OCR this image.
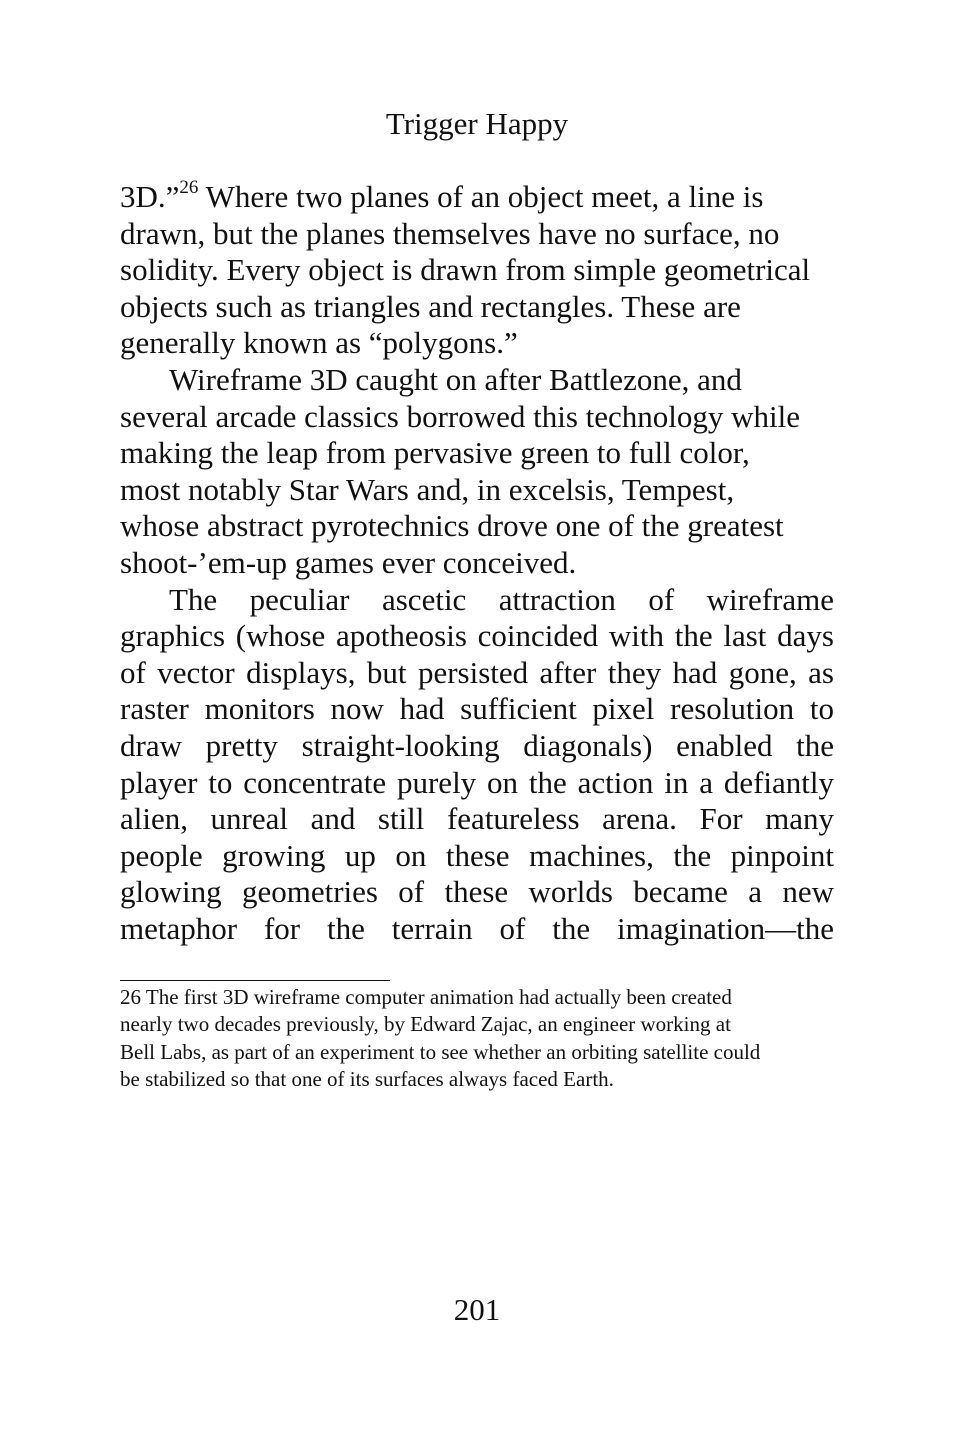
Trigger Happy

3D.”$^{26}$ Where two planes of an object meet, a line is
drawn, but the planes themselves have no surface, no
solidity. Every object is drawn from simple geometrical
objects such as triangles and rectangles. These are
generally known as “polygons.”

Wireframe 3D caught on after Battlezone, and
several arcade classics borrowed this technology while
making the leap from pervasive green to full color,
most notably Star Wars and, in excelsis, Tempest,
whose abstract pyrotechnics drove one of the greatest
shoot-’em-up games ever conceived.

The peculiar ascetic attraction of wireframe
graphics (whose apotheosis coincided with the last days
of vector displays, but persisted after they had gone, as
raster monitors now had sufficient pixel resolution to
draw pretty straight-looking diagonals) enabled the
player to concentrate purely on the action in a defiantly
alien, unreal and still featureless arena. For many
people growing up on these machines, the pinpoint
glowing geometries of these worlds became a new
metaphor for the terrain of the imagination—the

26 The first 3D wireframe computer animation had actually been created
nearly two decades previously, by Edward Zajac, an engineer working at
Bell Labs, as part of an experiment to see whether an orbiting satellite could
be stabilized so that one of its surfaces always faced Earth.

201
